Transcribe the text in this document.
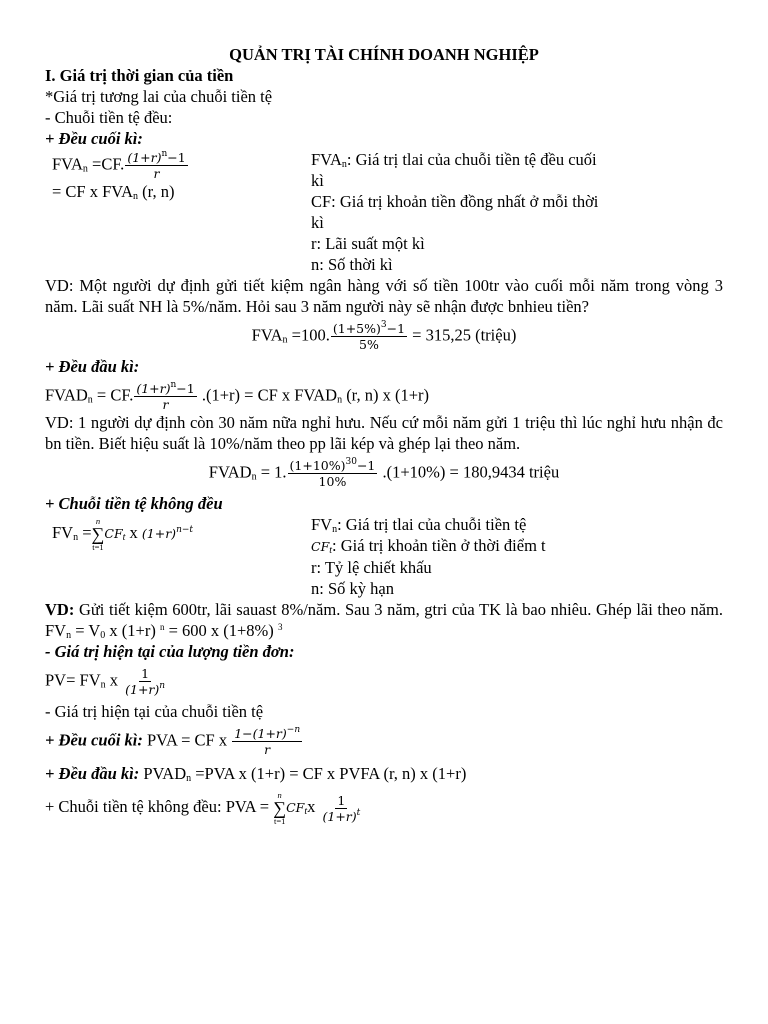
QUẢN TRỊ TÀI CHÍNH DOANH NGHIỆP
I. Giá trị thời gian của tiền
*Giá trị tương lai của chuỗi tiền tệ
- Chuỗi tiền tệ đều:
+ Đều cuối kì:
$FVA_n =CF$. $\frac{(1+r)^n-1}{r}$
= CF x $FVA_n$ (r, n)
$FVA_n$: Giá trị tlai của chuỗi tiền tệ đều cuối
kì
CF: Giá trị khoản tiền đồng nhất ở mỗi thời
kì
r: Lãi suất một kì
n: Số thời kì
VD: Một người dự định gửi tiết kiệm ngân hàng với số tiền 100tr vào cuối mỗi năm trong vòng 3 năm. Lãi suất NH là 5%/năm. Hỏi sau 3 năm người này sẽ nhận được bnhieu tiền?
$FVA_n =100$. $\frac{(1+5\%)^3-1}{5\%} = 315,25$ (triệu)
+ Đều đầu kì:
$FVAD_n$ = CF. $\frac{(1+r)^n-1}{r} .(1+r)$ = CF x $FVAD_n$ (r, n) x (1+r)
VD: 1 người dự định còn 30 năm nữa nghỉ hưu. Nếu cứ mỗi năm gửi 1 triệu thì lúc nghỉ hưu nhận đc bn tiền. Biết hiệu suất là 10%/năm theo pp lãi kép và ghép lại theo năm.
$FVAD_n = 1$. $\frac{(1+10\%)^{30}-1}{10\%} .(1+10\%) = 180,9434$ triệu
+ Chuỗi tiền tệ không đều
$FV_n$ =
n
∑
t=1
$CF_t$ x $(1+r)^{n-t}$	$FV_n$: Giá trị tlai của chuỗi tiền tệ
$CF_t$: Giá trị khoản tiền ở thời điểm t
r: Tỷ lệ chiết khấu
n: Số kỳ hạn
VD: Gửi tiết kiệm 600tr, lãi sauast 8%/năm. Sau 3 năm, gtri của TK là bao nhiêu. Ghép lãi theo năm. $FV_n = V_0$ x (1+r) $^n$ = 600 x (1+8%) $^3$
- Giá trị hiện tại của lượng tiền đơn:
$PV= FV_n$ x $\frac{1}{(1+r)^n}$
- Giá trị hiện tại của chuỗi tiền tệ
+ Đều cuối kì: PVA = CF x $\frac{1-(1+r)^{-n}}{r}$
+ Đều đầu kì: $PVAD_n =PVA$ x (1+r) = CF x PVFA (r, n) x (1+r)
+ Chuỗi tiền tệ không đều: PVA =
n
∑
t=1
$CF_tx \frac{1}{(1+r)^t}$
